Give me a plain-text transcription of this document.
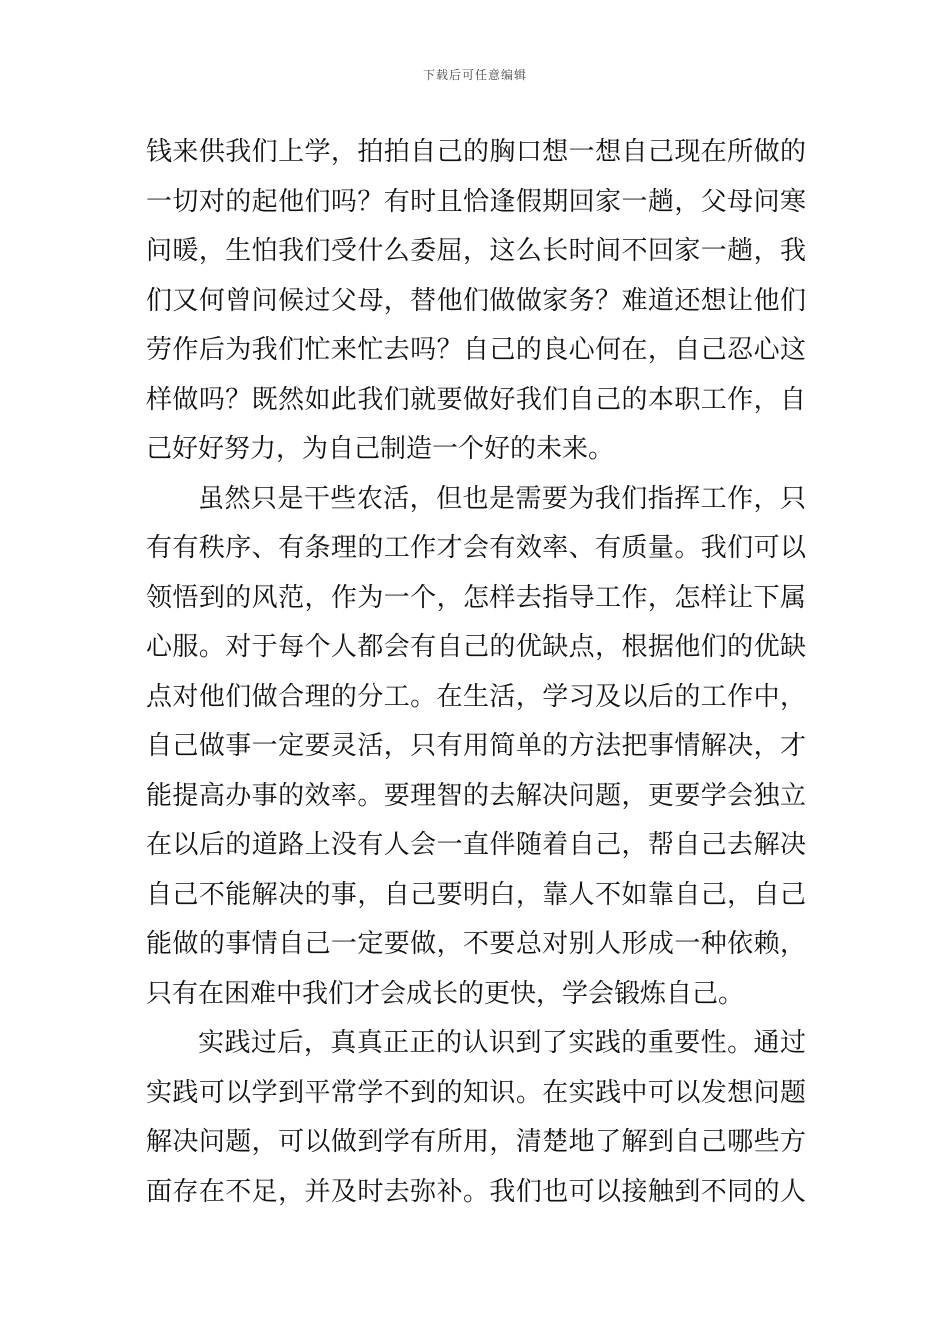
下载后可任意编辑
钱来供我们上学，拍拍自己的胸口想一想自己现在所做的
一切对的起他们吗？有时且恰逢假期回家一趟，父母问寒
问暖，生怕我们受什么委屈，这么长时间不回家一趟，我
们又何曾问候过父母，替他们做做家务？难道还想让他们
劳作后为我们忙来忙去吗？自己的良心何在，自己忍心这
样做吗？既然如此我们就要做好我们自己的本职工作，自
己好好努力，为自己制造一个好的未来。
虽然只是干些农活，但也是需要为我们指挥工作，只
有有秩序、有条理的工作才会有效率、有质量。我们可以
领悟到的风范，作为一个，怎样去指导工作，怎样让下属
心服。对于每个人都会有自己的优缺点，根据他们的优缺
点对他们做合理的分工。在生活，学习及以后的工作中，
自己做事一定要灵活，只有用简单的方法把事情解决，才
能提高办事的效率。要理智的去解决问题，更要学会独立
在以后的道路上没有人会一直伴随着自己，帮自己去解决
自己不能解决的事，自己要明白，靠人不如靠自己，自己
能做的事情自己一定要做，不要总对别人形成一种依赖，
只有在困难中我们才会成长的更快，学会锻炼自己。
实践过后，真真正正的认识到了实践的重要性。通过
实践可以学到平常学不到的知识。在实践中可以发想问题
解决问题，可以做到学有所用，清楚地了解到自己哪些方
面存在不足，并及时去弥补。我们也可以接触到不同的人
